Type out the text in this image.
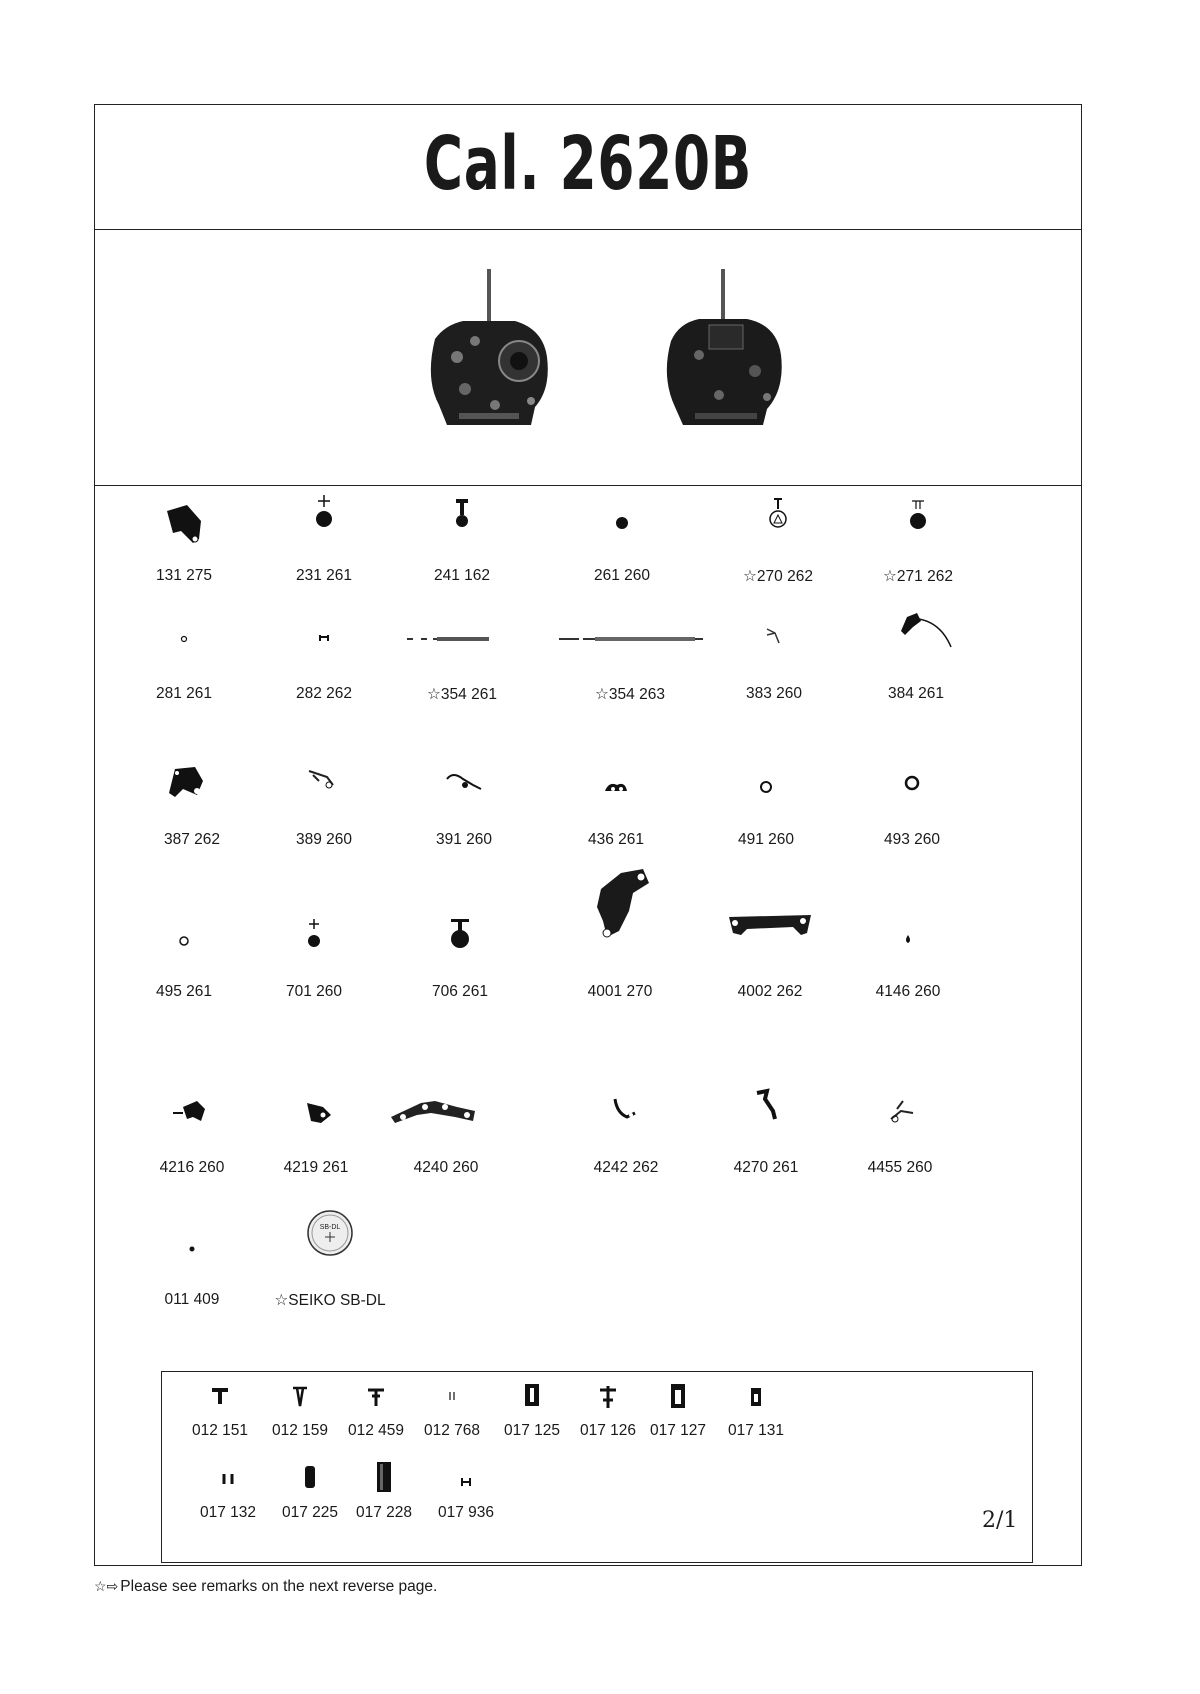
Cal. 2620B
131 275	231 261	241 162	261 260	☆270 262	☆271 262
281 261	282 262	☆354 261	☆354 263	383 260	384 261
387 262	389 260	391 260	436 261	491 260	493 260
495 261	701 260	706 261	4001 270	4002 262	4146 260
4216 260	4219 261	4240 260	4242 262	4270 261	4455 260
011 409
SB-DL
☆SEIKO SB-DL
012 151	012 159	012 459	012 768	017 125	017 126 017 127	017 131
017 132	017 225	017 228	017 936	2/1
☆⇨ Please see remarks on the next reverse page.
